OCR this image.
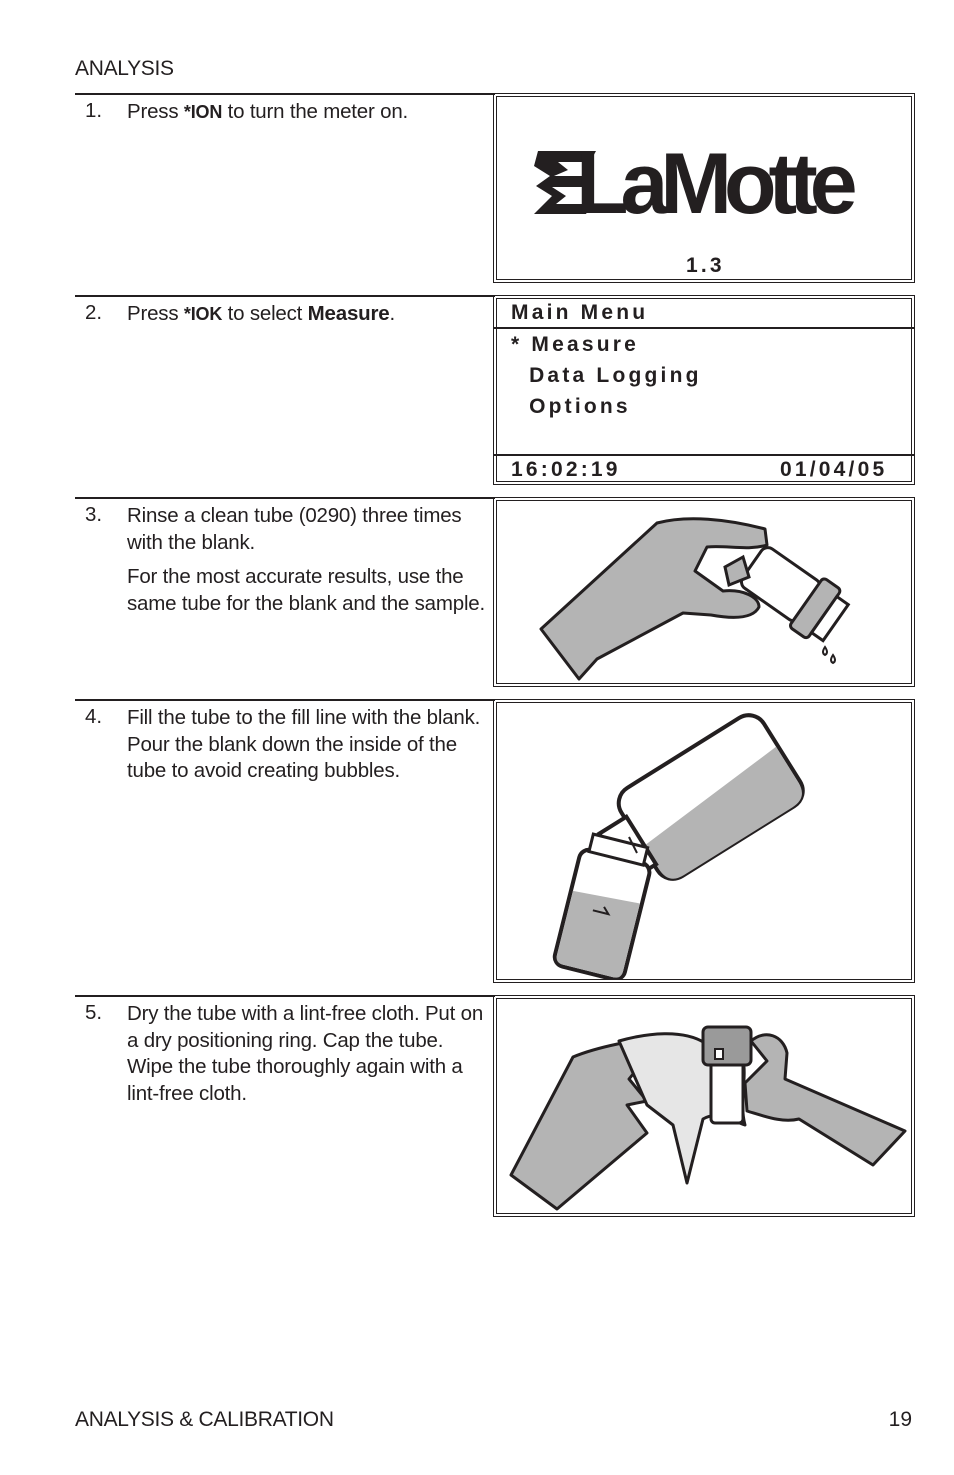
ANALYSIS
1. Press *ION to turn the meter on.
LaMotte
1.3
2. Press *IOK to select Measure.	Main Menu
* Measure
Data Logging
Options
16:02:19	01/04/05
3. Rinse a clean tube (0290) three times with the blank.

For the most accurate results, use the same tube for the blank and the sample.

4. Fill the tube to the fill line with the blank. Pour the blank down the inside of the tube to avoid creating bubbles.

5. Dry the tube with a lint-free cloth. Put on a dry positioning ring. Cap the tube. Wipe the tube thoroughly again with a lint-free cloth.

ANALYSIS & CALIBRATION	19
